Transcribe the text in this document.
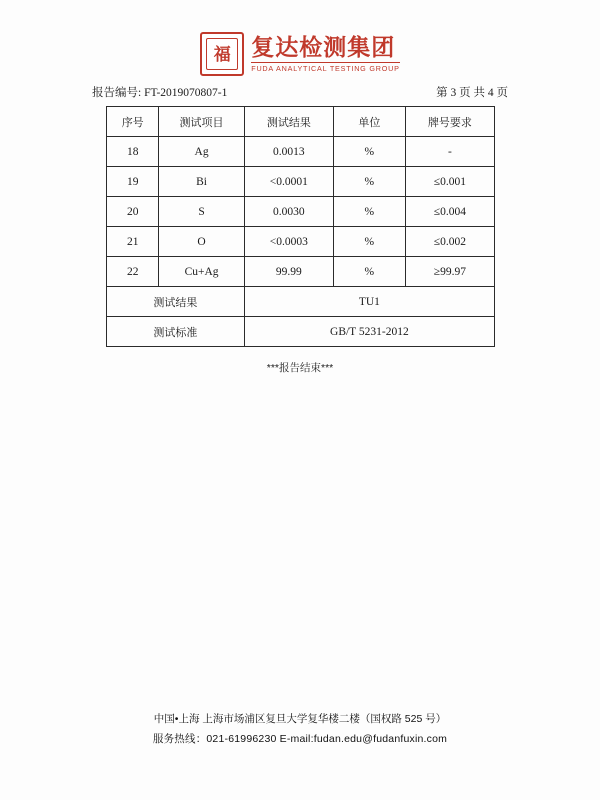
福 复达检测集团
FUDA ANALYTICAL TESTING GROUP
报告编号: FT-2019070807-1	第 3 页 共 4 页
序号	测试项目	测试结果	单位	牌号要求
18	Ag	0.0013	%	-
19	Bi	<0.0001	%	≤0.001
20	S	0.0030	%	≤0.004
21	O	<0.0003	%	≤0.002
22	Cu+Ag	99.99	%	≥99.97
测试结果		TU1		
测试标准		GB/T 5231-2012		
***报告结束***
中国•上海 上海市场浦区复旦大学复华楼二楼（国权路 525 号）
服务热线：021-61996230 E-mail:fudan.edu@fudanfuxin.com
